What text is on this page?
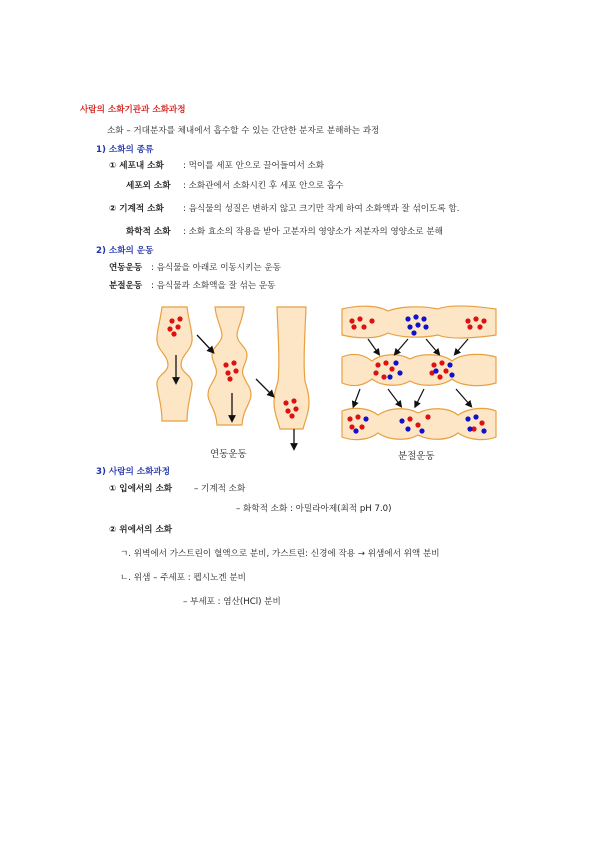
사람의 소화기관과 소화과정
소화 – 거대분자를 체내에서 흡수할 수 있는 간단한 분자로 분해하는 과정
1) 소화의 종류
① 세포내 소화 : 먹이를 세포 안으로 끌어들여서 소화
세포외 소화 : 소화관에서 소화시킨 후 세포 안으로 흡수
② 기계적 소화 : 음식물의 성질은 변하지 않고 크기만 작게 하여 소화액과 잘 섞이도록 함.
화학적 소화 : 소화 효소의 작용을 받아 고분자의 영양소가 저분자의 영양소로 분해
2) 소화의 운동
연동운동 : 음식물을 아래로 이동시키는 운동
분절운동 : 음식물과 소화액을 잘 섞는 운동
연동운동	분절운동
3) 사람의 소화과정
① 입에서의 소화	– 기계적 소화
– 화학적 소화 : 아밀라아제(최적 pH 7.0)
② 위에서의 소화
ㄱ. 위벽에서 가스트린이 혈액으로 분비, 가스트린: 신경에 작용 → 위샘에서 위액 분비
ㄴ. 위샘 – 주세포 : 펩시노겐 분비
– 부세포 : 염산(HCl) 분비
